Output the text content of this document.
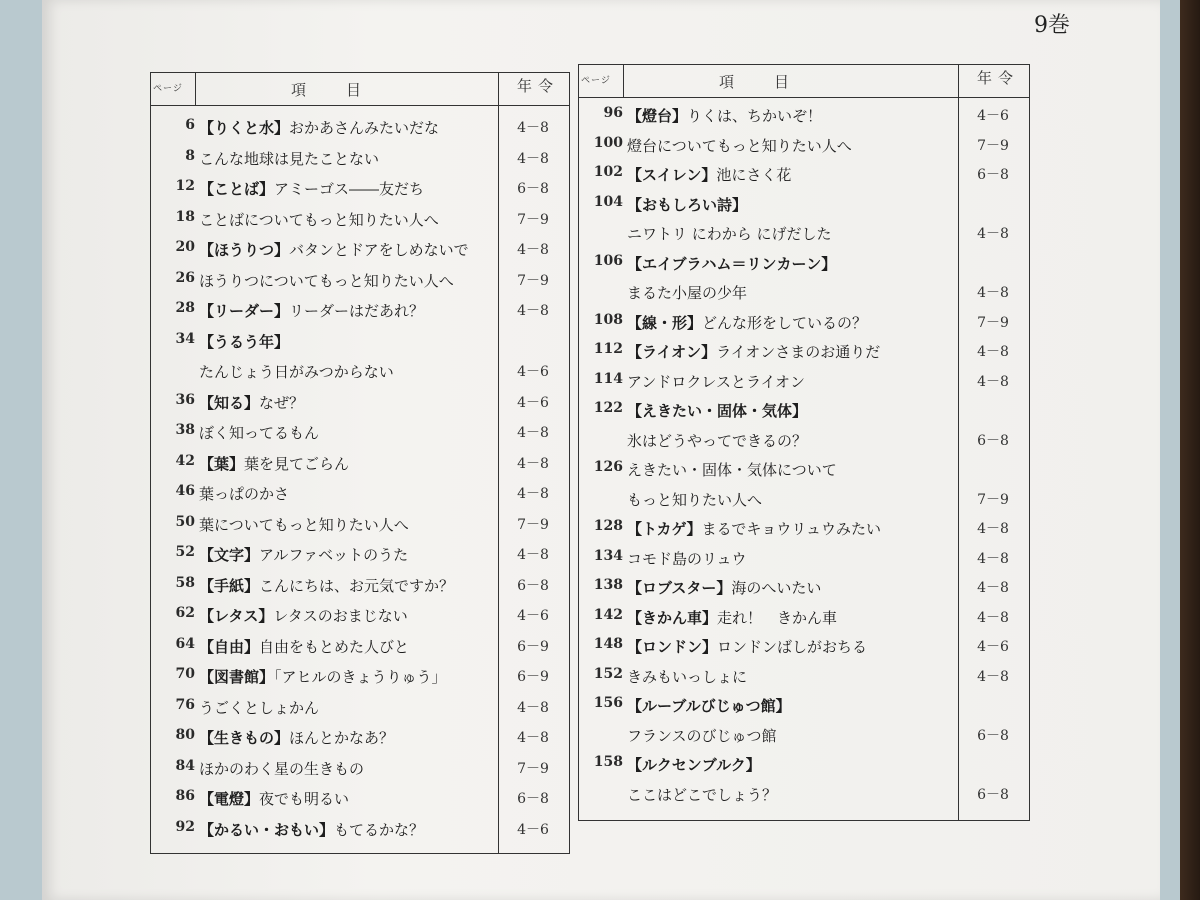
9巻
ページ	項目	年令
6 【りくと水】おかあさんみたいだな	4－8
8 こんな地球は見たことない	4－8
12 【ことば】アミーゴス――友だち	6－8
18 ことばについてもっと知りたい人へ	7－9
20 【ほうりつ】バタンとドアをしめないで	4－8
26 ほうりつについてもっと知りたい人へ	7－9
28 【リーダー】リーダーはだあれ？	4－8
34 【うるう年】
たんじょう日がみつからない	4－6
36 【知る】なぜ？	4－6
38 ぼく知ってるもん	4－8
42 【葉】葉を見てごらん	4－8
46 葉っぱのかさ	4－8
50 葉についてもっと知りたい人へ	7－9
52 【文字】アルファベットのうた	4－8
58 【手紙】こんにちは、お元気ですか？	6－8
62 【レタス】レタスのおまじない	4－6
64 【自由】自由をもとめた人びと	6－9
70 【図書館】「アヒルのきょうりゅう」	6－9
76 うごくとしょかん	4－8
80 【生きもの】ほんとかなあ？	4－8
84 ほかのわく星の生きもの	7－9
86 【電燈】夜でも明るい	6－8
92 【かるい・おもい】もてるかな？	4－6
ページ	項目	年令
96 【燈台】りくは、ちかいぞ！	4－6
100 燈台についてもっと知りたい人へ	7－9
102 【スイレン】池にさく花	6－8
104 【おもしろい詩】
ニワトリ にわから にげだした	4－8
106 【エイブラハム＝リンカーン】
まるた小屋の少年	4－8
108 【線・形】どんな形をしているの？	7－9
112 【ライオン】ライオンさまのお通りだ	4－8
114 アンドロクレスとライオン	4－8
122 【えきたい・固体・気体】
氷はどうやってできるの？	6－8
126 えきたい・固体・気体について
もっと知りたい人へ	7－9
128 【トカゲ】まるでキョウリュウみたい	4－8
134 コモド島のリュウ	4－8
138 【ロブスター】海のへいたい	4－8
142 【きかん車】走れ！　きかん車	4－8
148 【ロンドン】ロンドンばしがおちる	4－6
152 きみもいっしょに	4－8
156 【ルーブルびじゅつ館】
フランスのびじゅつ館	6－8
158 【ルクセンブルク】
ここはどこでしょう？	6－8
